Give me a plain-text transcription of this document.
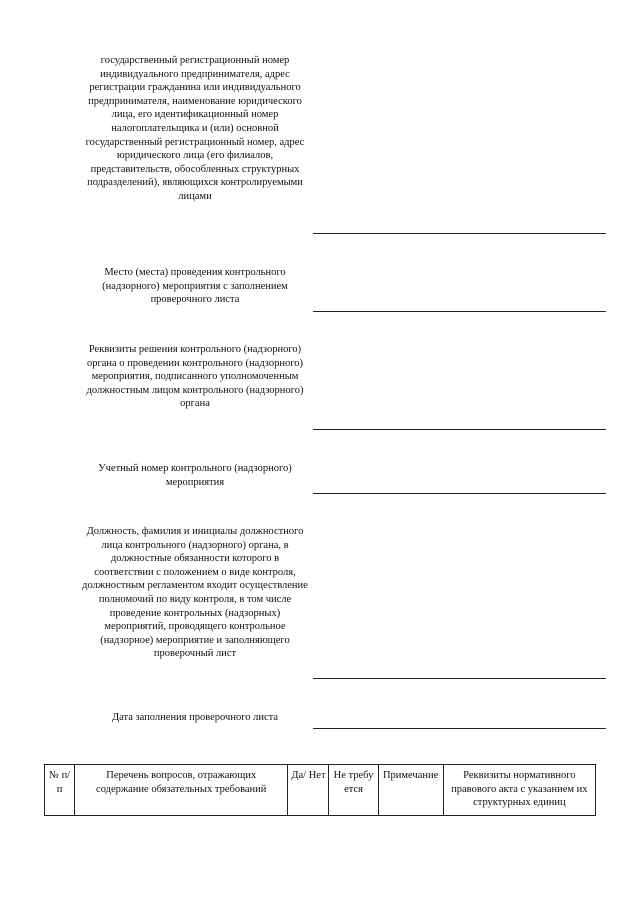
государственный регистрационный номер индивидуального предпринимателя, адрес регистрации гражданина или индивидуального предпринимателя, наименование юридического лица, его идентификационный номер налогоплательщика и (или) основной государственный регистрационный номер, адрес юридического лица (его филиалов, представительств, обособленных структурных подразделений), являющихся контролируемыми лицами
Место (места) проведения контрольного (надзорного) мероприятия с заполнением проверочного листа
Реквизиты решения контрольного (надзорного) органа о проведении контрольного (надзорного) мероприятия, подписанного уполномоченным должностным лицом контрольного (надзорного) органа
Учетный номер контрольного (надзорного) мероприятия
Должность, фамилия и инициалы должностного лица контрольного (надзорного) органа, в должностные обязанности которого в соответствии с положением о виде контроля, должностным регламентом входит осуществление полномочий по виду контроля, в том числе проведение контрольных (надзорных) мероприятий, проводящего контрольное (надзорное) мероприятие и заполняющего проверочный лист
Дата заполнения проверочного листа
№ п/п	Перечень вопросов, отражающих содержание обязательных требований	Да/ Нет	Не требуется	Примечание	Реквизиты нормативного правового акта с указанием их структурных единиц
